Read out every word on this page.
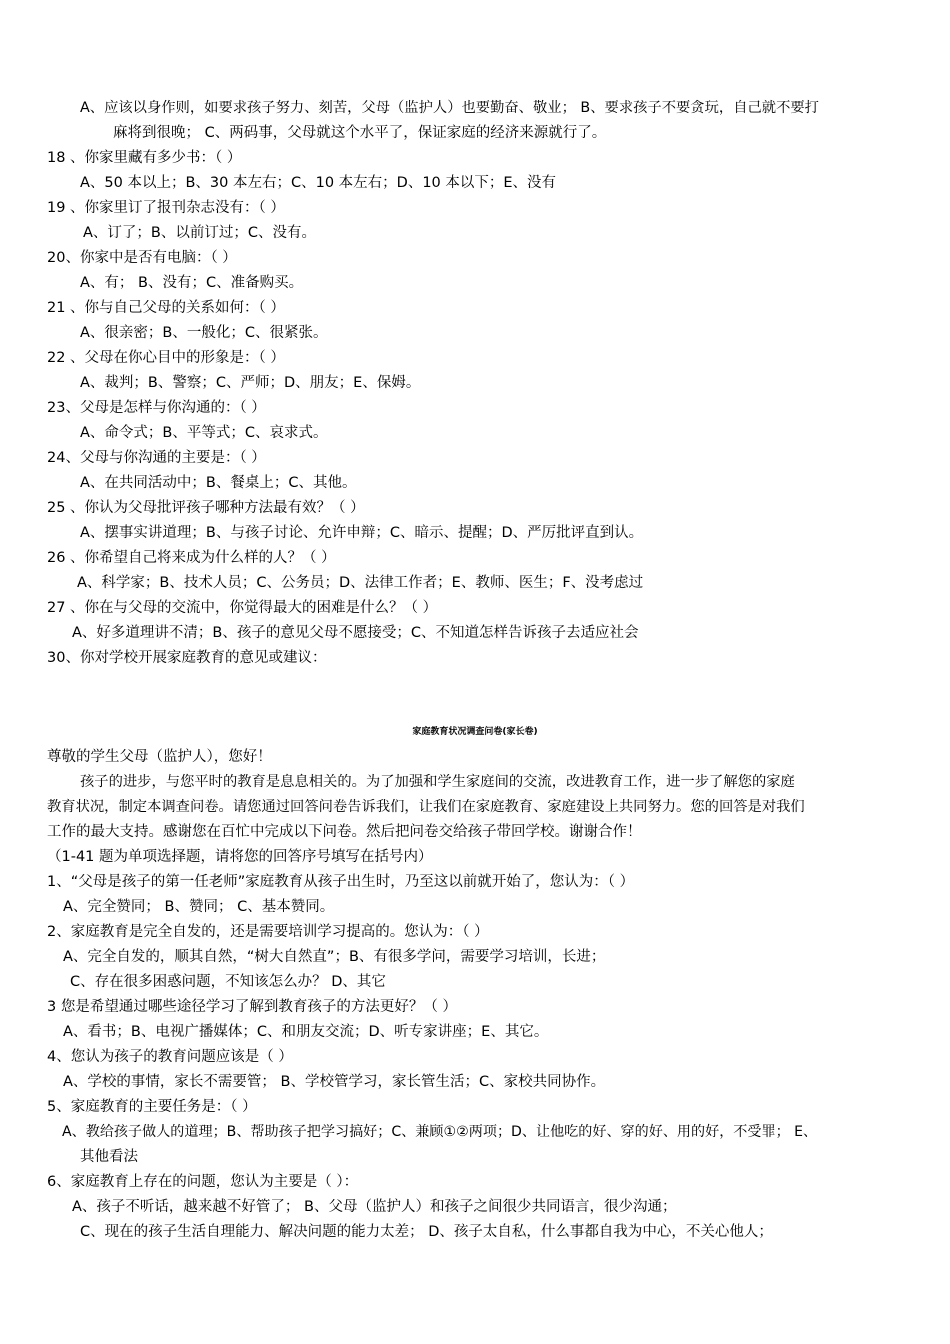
A、应该以身作则，如要求孩子努力、刻苦，父母（监护人）也要勤奋、敬业； B、要求孩子不要贪玩，自己就不要打
麻将到很晚； C、两码事，父母就这个水平了，保证家庭的经济来源就行了。
18 、你家里藏有多少书：（ ）
A、50 本以上；B、30 本左右；C、10 本左右；D、10 本以下；E、没有
19 、你家里订了报刊杂志没有：（ ）
A、订了；B、以前订过；C、没有。
20、你家中是否有电脑：（ ）
A、有； B、没有；C、准备购买。
21 、你与自己父母的关系如何：（ ）
A、很亲密；B、一般化；C、很紧张。
22 、父母在你心目中的形象是：（ ）
A、裁判；B、警察；C、严师；D、朋友；E、保姆。
23、父母是怎样与你沟通的：（ ）
A、命令式；B、平等式；C、哀求式。
24、父母与你沟通的主要是：（ ）
A、在共同活动中；B、餐桌上；C、其他。
25 、你认为父母批评孩子哪种方法最有效？（ ）
A、摆事实讲道理；B、与孩子讨论、允许申辩；C、暗示、提醒；D、严厉批评直到认。
26 、你希望自己将来成为什么样的人？（ ）
A、科学家；B、技术人员；C、公务员；D、法律工作者；E、教师、医生；F、没考虑过
27 、你在与父母的交流中，你觉得最大的困难是什么？（ ）
A、好多道理讲不清；B、孩子的意见父母不愿接受；C、不知道怎样告诉孩子去适应社会
30、你对学校开展家庭教育的意见或建议：
家庭教育状况调查问卷(家长卷)
尊敬的学生父母（监护人），您好！
孩子的进步，与您平时的教育是息息相关的。为了加强和学生家庭间的交流，改进教育工作，进一步了解您的家庭
教育状况，制定本调查问卷。请您通过回答问卷告诉我们，让我们在家庭教育、家庭建设上共同努力。您的回答是对我们
工作的最大支持。感谢您在百忙中完成以下问卷。然后把问卷交给孩子带回学校。谢谢合作！
（1-41 题为单项选择题，请将您的回答序号填写在括号内）
1、“父母是孩子的第一任老师”家庭教育从孩子出生时，乃至这以前就开始了，您认为：（ ）
A、完全赞同； B、赞同； C、基本赞同。
2、家庭教育是完全自发的，还是需要培训学习提高的。您认为：（ ）
A、完全自发的，顺其自然，“树大自然直”；B、有很多学问，需要学习培训，长进；
C、存在很多困惑问题，不知该怎么办？ D、其它
3 您是希望通过哪些途径学习了解到教育孩子的方法更好？（ ）
A、看书；B、电视广播媒体；C、和朋友交流；D、听专家讲座；E、其它。
4、您认为孩子的教育问题应该是（ ）
A、学校的事情，家长不需要管； B、学校管学习，家长管生活；C、家校共同协作。
5、家庭教育的主要任务是：（ ）
A、教给孩子做人的道理；B、帮助孩子把学习搞好；C、兼顾①②两项；D、让他吃的好、穿的好、用的好，不受罪； E、
其他看法
6、家庭教育上存在的问题，您认为主要是（ ）：
A、孩子不听话，越来越不好管了； B、父母（监护人）和孩子之间很少共同语言，很少沟通；
C、现在的孩子生活自理能力、解决问题的能力太差； D、孩子太自私，什么事都自我为中心，不关心他人；
